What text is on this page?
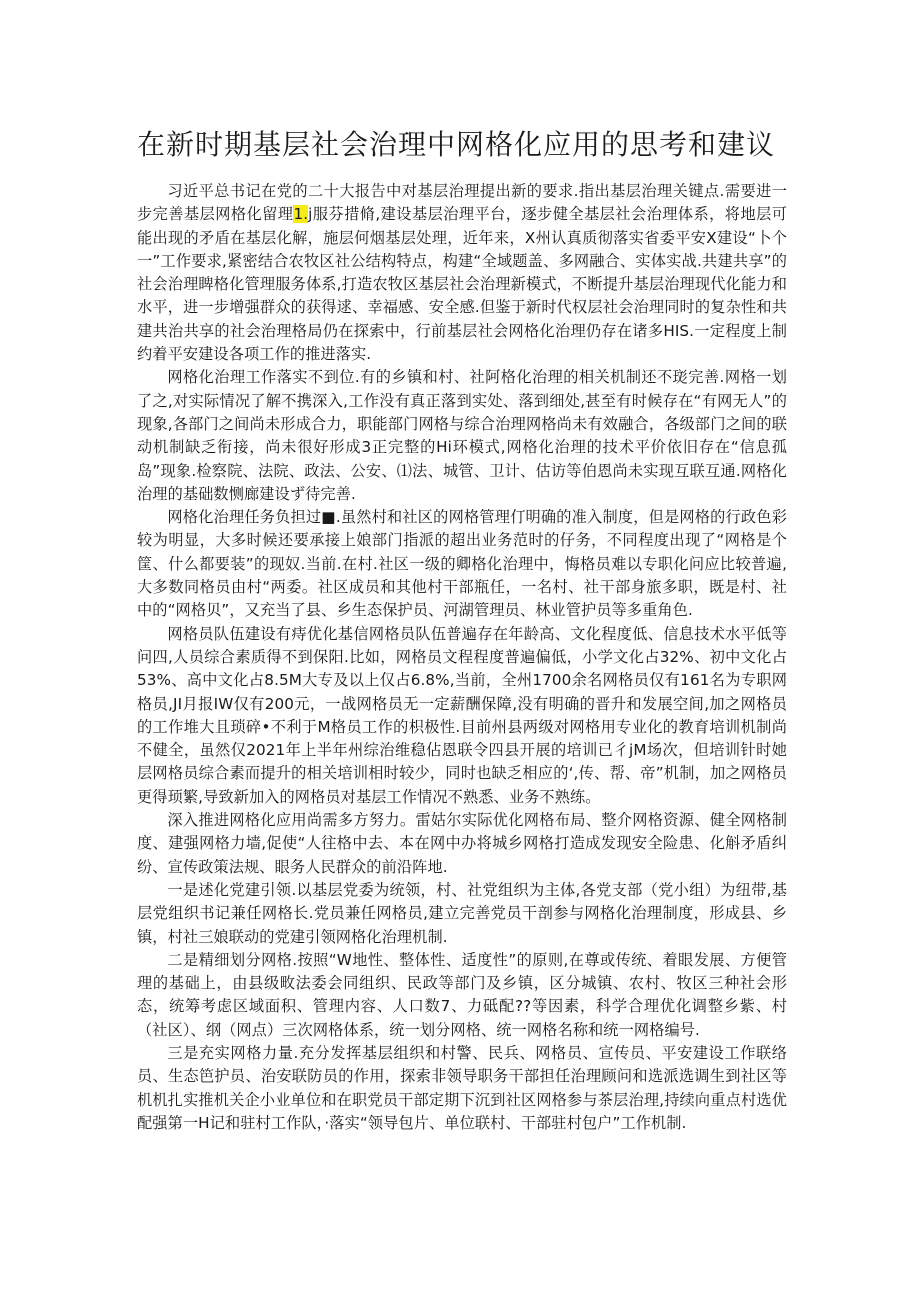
在新时期基层社会治理中网格化应用的思考和建议

习近平总书记在党的二十大报告中对基层治理提出新的要求.指出基层治理关键点.需要进一步完善基层网格化留理1.j服芬措脩,建设基层治理平台，逐步健全基层社会治理体系，将地层可能出现的矛盾在基层化解，施层何烟基层处理，近年来，X州认真质彻落实省委平安X建设“卜个一”工作要求,紧密结合农牧区社公结构特点，构建“全域题盖、多网融合、实体实战.共建共享”的社会治理睥格化管理服务体系,打造农牧区基层社会治理新模式，不断提升基层治理现代化能力和水平，进一步增强群众的获得逑、幸福感、安全感.但鉴于新时代权层社会治理同时的复杂性和共建共治共享的社会治理格局仍在探索中，行前基层社会网格化治理仍存在诸多HIS.一定程度上制约着平安建设各项工作的推进落实.

网格化治理工作落实不到位.有的乡镇和村、社阿格化治理的相关机制还不珳完善.网格一划了之,对实际情况了解不携深入,工作没有真正落到实处、落到细处,甚至有时候存在“有网无人”的现象,各部门之间尚未形成合力，职能部门网格与综合治理网格尚未有效融合，各级部门之间的联动机制缺乏衔接，尚未很好形成3正完整的Hi环模式,网格化治理的技术平价依旧存在“信息孤岛”现象.检察院、法院、政法、公安、⑴法、城管、卫计、估访等伯恩尚未实现互联互通.网格化治理的基础数恻廊建设ず待完善.

网格化治理任务负担过■.虽然村和社区的网格管理仃明确的准入制度，但是网格的行政色彩较为明显，大多时候还要承接上娘部门指派的超出业务范时的仔务，不同程度出现了“网格是个筐、什么都要装”的现奴.当前.在村.社区一级的卿格化治理中，悔格员难以专职化问应比较普遍,大多数同格员由村“两委。社区成员和其他村干部瓶任，一名村、社干部身旅多职，既是村、社中的“网格贝”，又充当了县、乡生态保护员、河湖管理员、林业管护员等多重角色.

网格员队伍建设有痔优化基信网格员队伍普遍存在年龄高、文化程度低、信息技术水平低等问四,人员综合素质得不到保阳.比如，网格员文程程度普遍偏低，小学文化占32%、初中文化占53%、高中文化占8.5M大专及以上仅占6.8%,当前，全州1700余名网格员仅有161名为专职网格员,JI月报IW仅有200元，一战网格员无一定薪酬保障,没有明确的晋升和发展空间,加之网格员的工作堆大且琐碎•不利于M格员工作的枳极性.目前州县两级对网格用专业化的教育培训机制尚不健全，虽然仅2021年上半年州综治维稳佔恩联令四县开展的培训已彳jM场次，但培训针时她层网格员综合素而提升的相关培训相时较少，同时也缺乏相应的‘,传、帮、帝”机制，加之网格员更得顼繁,导致新加入的网格员对基层工作情况不熟悉、业务不熟练。

深入推进网格化应用尚需多方努力。雷姑尔实际优化网格布局、整介网格资源、健全网格制度、建强网格力墙,促使“人往格中去、本在网中办将城乡网格打造成发现安全险患、化斛矛盾纠纷、宣传政策法规、眼务人民群众的前沿阵地.

一是述化党建引领.以基层党委为统领，村、社党组织为主体,各党支部（党小组）为纽带,基层党组织书记兼任网格长.党员兼任网格员,建立完善党员干剖参与网格化治理制度，形成县、乡镇，村社三娘联动的党建引领网格化治理机制.

二是精细划分网格.按照“W地性、整体性、适度性”的原则,在尊或传统、着眼发展、方便管理的基础上，由县级畋法委会同组织、民政等部门及乡镇，区分城镇、农村、牧区三种社会形态，统筹考虑区域面积、管理内容、人口数7、力砥配??等因素，科学合理优化调整乡紫、村（社区）、纲（网点）三次网格体系，统一划分网格、统一网格名称和统一网格编号.

三是充实网格力量.充分发挥基层组织和村警、民兵、网格员、宣传员、平安建设工作联络员、生态笆护员、治安联防员的作用，探索非领导职务干部担任治理顾问和选派选调生到社区等机机扎实推机关企小业单位和在职党员干部定期下沉到社区网格参与茶层治理,持续向重点村选优配强第一H记和驻村工作队，·落实“领导包片、单位联村、干部驻村包户”工作机制.
